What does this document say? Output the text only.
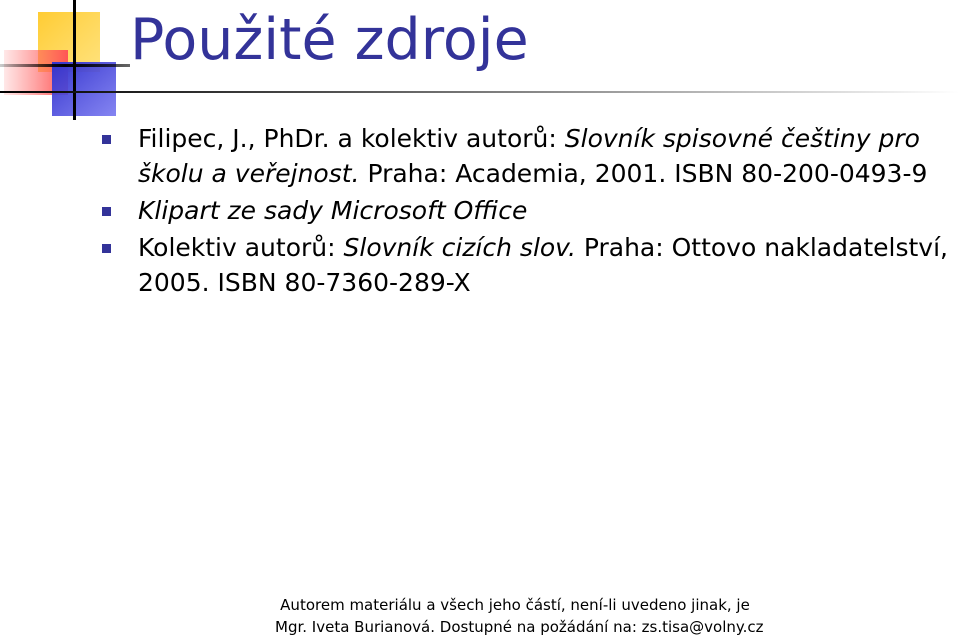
Použité zdroje
Filipec, J., PhDr. a kolektiv autorů: Slovník spisovné češtiny pro školu a veřejnost. Praha: Academia, 2001. ISBN 80-200-0493-9
Klipart ze sady Microsoft Office
Kolektiv autorů: Slovník cizích slov. Praha: Ottovo nakladatelství, 2005. ISBN 80-7360-289-X
Autorem materiálu a všech jeho částí, není-li uvedeno jinak, je
Mgr. Iveta Burianová. Dostupné na požádání na: zs.tisa@volny.cz
